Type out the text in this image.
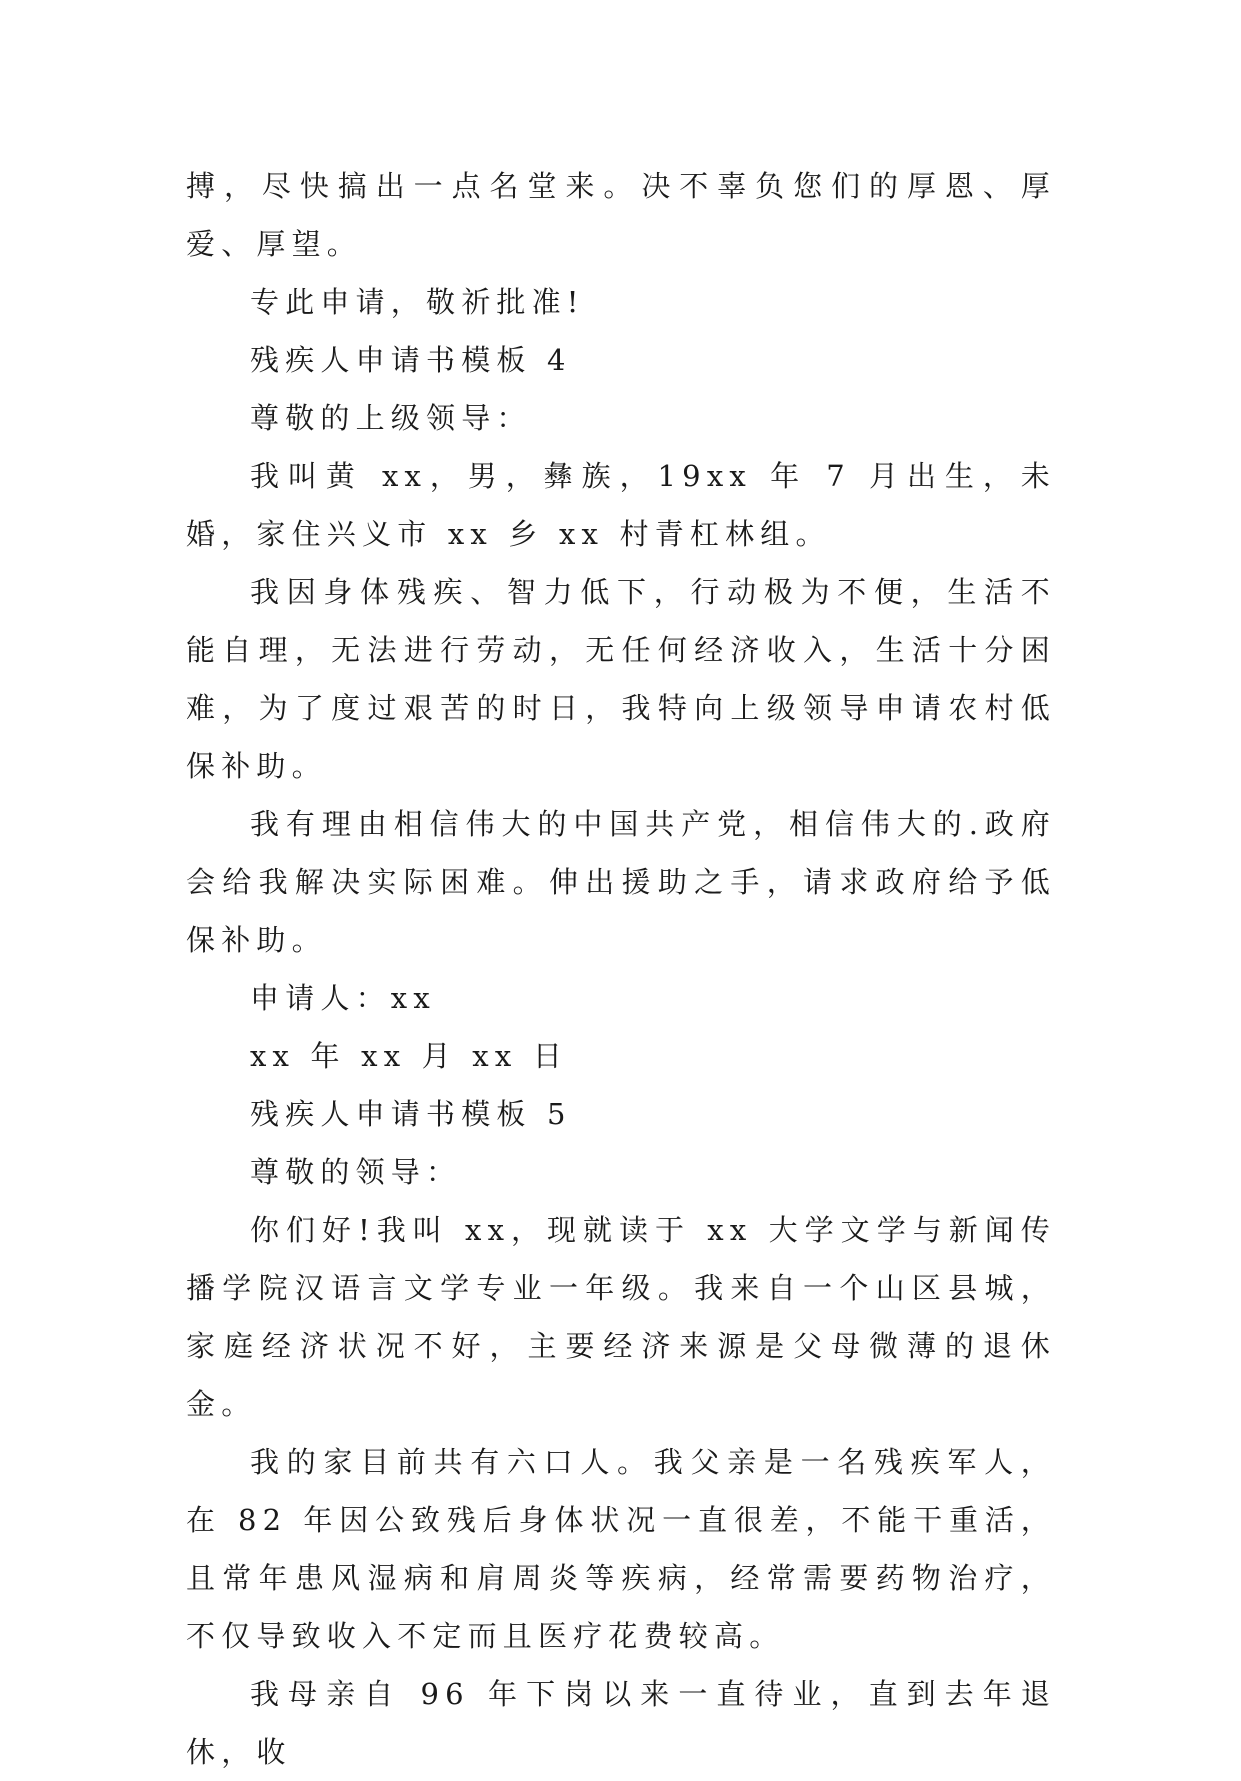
搏，尽快搞出一点名堂来。决不辜负您们的厚恩、厚爱、厚望。

专此申请，敬祈批准!

残疾人申请书模板 4

尊敬的上级领导：

我叫黄 xx，男，彝族，19xx 年 7 月出生，未婚，家住兴义市 xx 乡 xx 村青杠林组。

我因身体残疾、智力低下，行动极为不便，生活不能自理，无法进行劳动，无任何经济收入，生活十分困难，为了度过艰苦的时日，我特向上级领导申请农村低保补助。

我有理由相信伟大的中国共产党，相信伟大的.政府会给我解决实际困难。伸出援助之手，请求政府给予低保补助。

申请人：xx

xx 年 xx 月 xx 日

残疾人申请书模板 5

尊敬的领导：

你们好!我叫 xx，现就读于 xx 大学文学与新闻传播学院汉语言文学专业一年级。我来自一个山区县城，家庭经济状况不好，主要经济来源是父母微薄的退休金。

我的家目前共有六口人。我父亲是一名残疾军人，在 82 年因公致残后身体状况一直很差，不能干重活，且常年患风湿病和肩周炎等疾病，经常需要药物治疗，不仅导致收入不定而且医疗花费较高。

我母亲自 96 年下岗以来一直待业，直到去年退休，收
